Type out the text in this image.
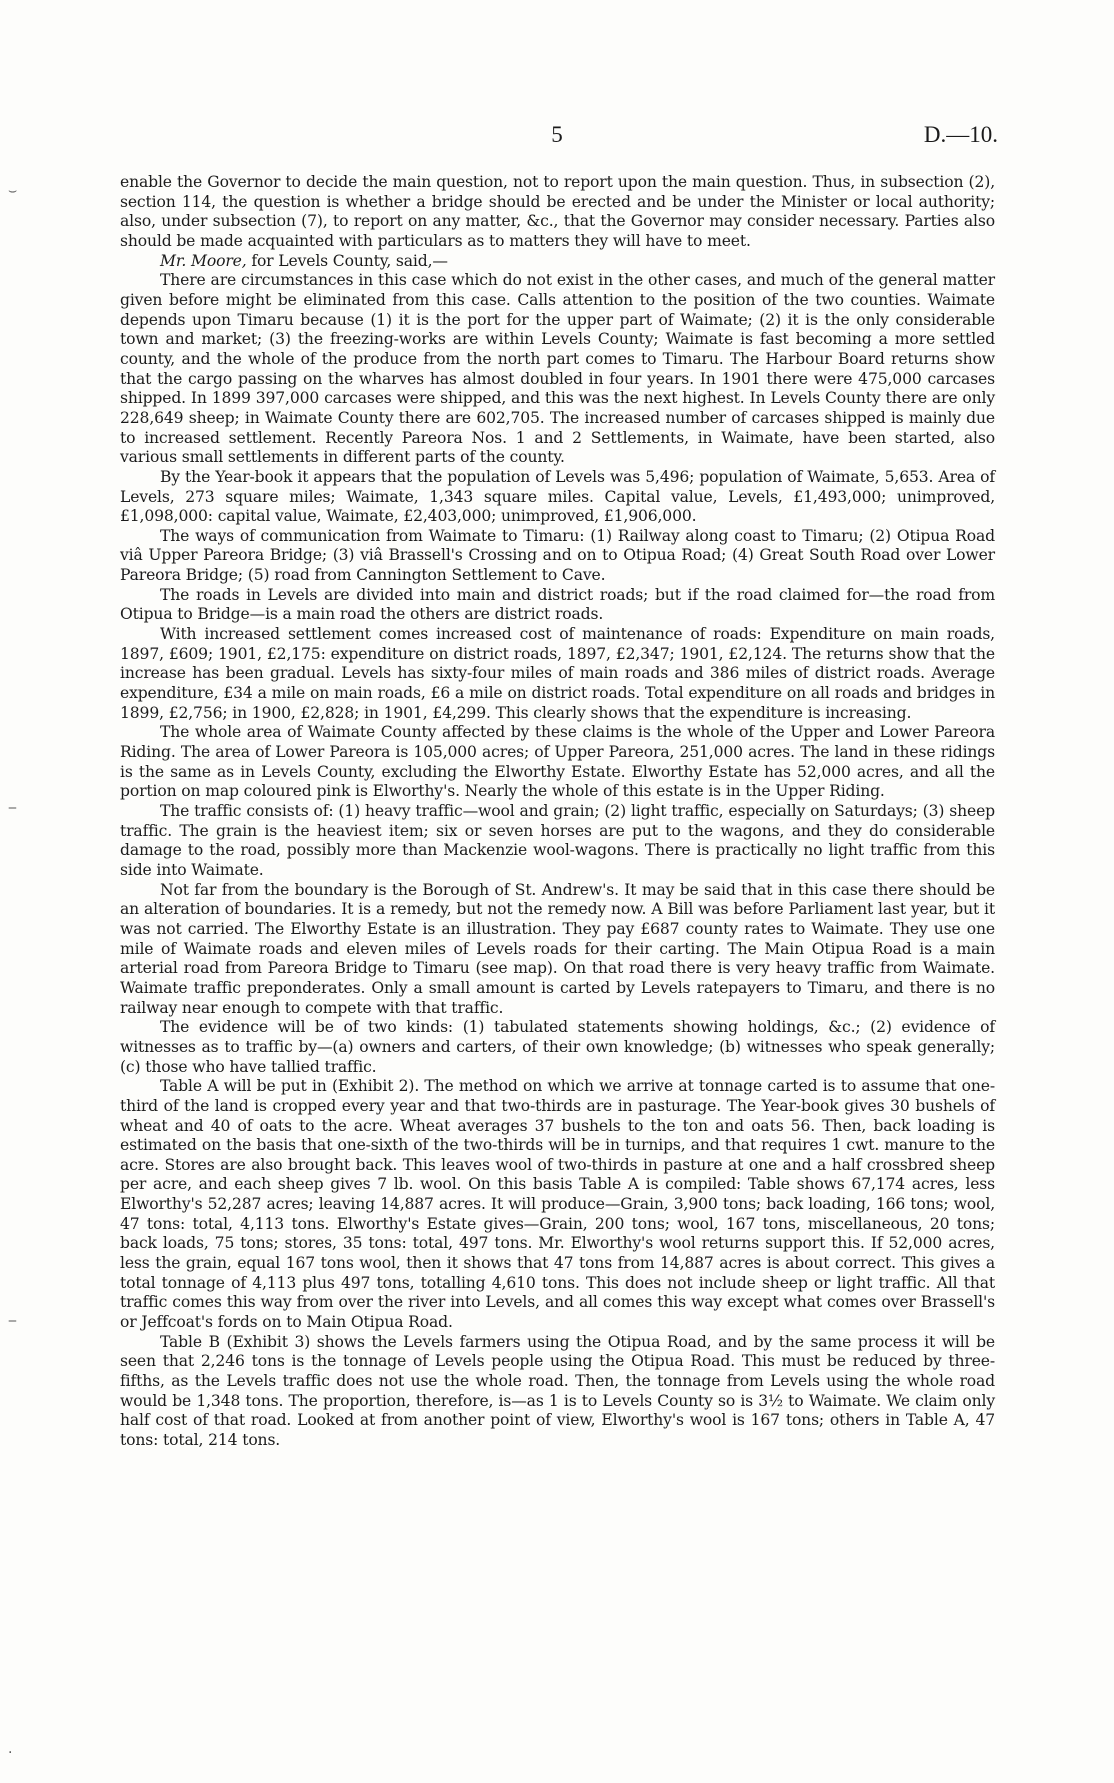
5	D.—10.
⌣
‒
‒
·

enable the Governor to decide the main question, not to report upon the main question. Thus, in subsection (2), section 114, the question is whether a bridge should be erected and be under the Minister or local authority; also, under subsection (7), to report on any matter, &c., that the Governor may consider necessary. Parties also should be made acquainted with particulars as to matters they will have to meet.

Mr. Moore, for Levels County, said,—

There are circumstances in this case which do not exist in the other cases, and much of the general matter given before might be eliminated from this case. Calls attention to the position of the two counties. Waimate depends upon Timaru because (1) it is the port for the upper part of Waimate; (2) it is the only considerable town and market; (3) the freezing-works are within Levels County; Waimate is fast becoming a more settled county, and the whole of the produce from the north part comes to Timaru. The Harbour Board returns show that the cargo passing on the wharves has almost doubled in four years. In 1901 there were 475,000 carcases shipped. In 1899 397,000 carcases were shipped, and this was the next highest. In Levels County there are only 228,649 sheep; in Waimate County there are 602,705. The increased number of carcases shipped is mainly due to increased settlement. Recently Pareora Nos. 1 and 2 Settlements, in Waimate, have been started, also various small settlements in different parts of the county.

By the Year-book it appears that the population of Levels was 5,496; population of Waimate, 5,653. Area of Levels, 273 square miles; Waimate, 1,343 square miles. Capital value, Levels, £1,493,000; unimproved, £1,098,000: capital value, Waimate, £2,403,000; unimproved, £1,906,000.

The ways of communication from Waimate to Timaru: (1) Railway along coast to Timaru; (2) Otipua Road viâ Upper Pareora Bridge; (3) viâ Brassell's Crossing and on to Otipua Road; (4) Great South Road over Lower Pareora Bridge; (5) road from Cannington Settlement to Cave.

The roads in Levels are divided into main and district roads; but if the road claimed for—the road from Otipua to Bridge—is a main road the others are district roads.

With increased settlement comes increased cost of maintenance of roads: Expenditure on main roads, 1897, £609; 1901, £2,175: expenditure on district roads, 1897, £2,347; 1901, £2,124. The returns show that the increase has been gradual. Levels has sixty-four miles of main roads and 386 miles of district roads. Average expenditure, £34 a mile on main roads, £6 a mile on district roads. Total expenditure on all roads and bridges in 1899, £2,756; in 1900, £2,828; in 1901, £4,299. This clearly shows that the expenditure is increasing.

The whole area of Waimate County affected by these claims is the whole of the Upper and Lower Pareora Riding. The area of Lower Pareora is 105,000 acres; of Upper Pareora, 251,000 acres. The land in these ridings is the same as in Levels County, excluding the Elworthy Estate. Elworthy Estate has 52,000 acres, and all the portion on map coloured pink is Elworthy's. Nearly the whole of this estate is in the Upper Riding.

The traffic consists of: (1) heavy traffic—wool and grain; (2) light traffic, especially on Saturdays; (3) sheep traffic. The grain is the heaviest item; six or seven horses are put to the wagons, and they do considerable damage to the road, possibly more than Mackenzie wool-wagons. There is practically no light traffic from this side into Waimate.

Not far from the boundary is the Borough of St. Andrew's. It may be said that in this case there should be an alteration of boundaries. It is a remedy, but not the remedy now. A Bill was before Parliament last year, but it was not carried. The Elworthy Estate is an illustration. They pay £687 county rates to Waimate. They use one mile of Waimate roads and eleven miles of Levels roads for their carting. The Main Otipua Road is a main arterial road from Pareora Bridge to Timaru (see map). On that road there is very heavy traffic from Waimate. Waimate traffic preponderates. Only a small amount is carted by Levels ratepayers to Timaru, and there is no railway near enough to compete with that traffic.

The evidence will be of two kinds: (1) tabulated statements showing holdings, &c.; (2) evidence of witnesses as to traffic by—(a) owners and carters, of their own knowledge; (b) witnesses who speak generally; (c) those who have tallied traffic.

Table A will be put in (Exhibit 2). The method on which we arrive at tonnage carted is to assume that one-third of the land is cropped every year and that two-thirds are in pasturage. The Year-book gives 30 bushels of wheat and 40 of oats to the acre. Wheat averages 37 bushels to the ton and oats 56. Then, back loading is estimated on the basis that one-sixth of the two-thirds will be in turnips, and that requires 1 cwt. manure to the acre. Stores are also brought back. This leaves wool of two-thirds in pasture at one and a half crossbred sheep per acre, and each sheep gives 7 lb. wool. On this basis Table A is compiled: Table shows 67,174 acres, less Elworthy's 52,287 acres; leaving 14,887 acres. It will produce—Grain, 3,900 tons; back loading, 166 tons; wool, 47 tons: total, 4,113 tons. Elworthy's Estate gives—Grain, 200 tons; wool, 167 tons, miscellaneous, 20 tons; back loads, 75 tons; stores, 35 tons: total, 497 tons. Mr. Elworthy's wool returns support this. If 52,000 acres, less the grain, equal 167 tons wool, then it shows that 47 tons from 14,887 acres is about correct. This gives a total tonnage of 4,113 plus 497 tons, totalling 4,610 tons. This does not include sheep or light traffic. All that traffic comes this way from over the river into Levels, and all comes this way except what comes over Brassell's or Jeffcoat's fords on to Main Otipua Road.

Table B (Exhibit 3) shows the Levels farmers using the Otipua Road, and by the same process it will be seen that 2,246 tons is the tonnage of Levels people using the Otipua Road. This must be reduced by three-fifths, as the Levels traffic does not use the whole road. Then, the tonnage from Levels using the whole road would be 1,348 tons. The proportion, therefore, is—as 1 is to Levels County so is 3½ to Waimate. We claim only half cost of that road. Looked at from another point of view, Elworthy's wool is 167 tons; others in Table A, 47 tons: total, 214 tons.
